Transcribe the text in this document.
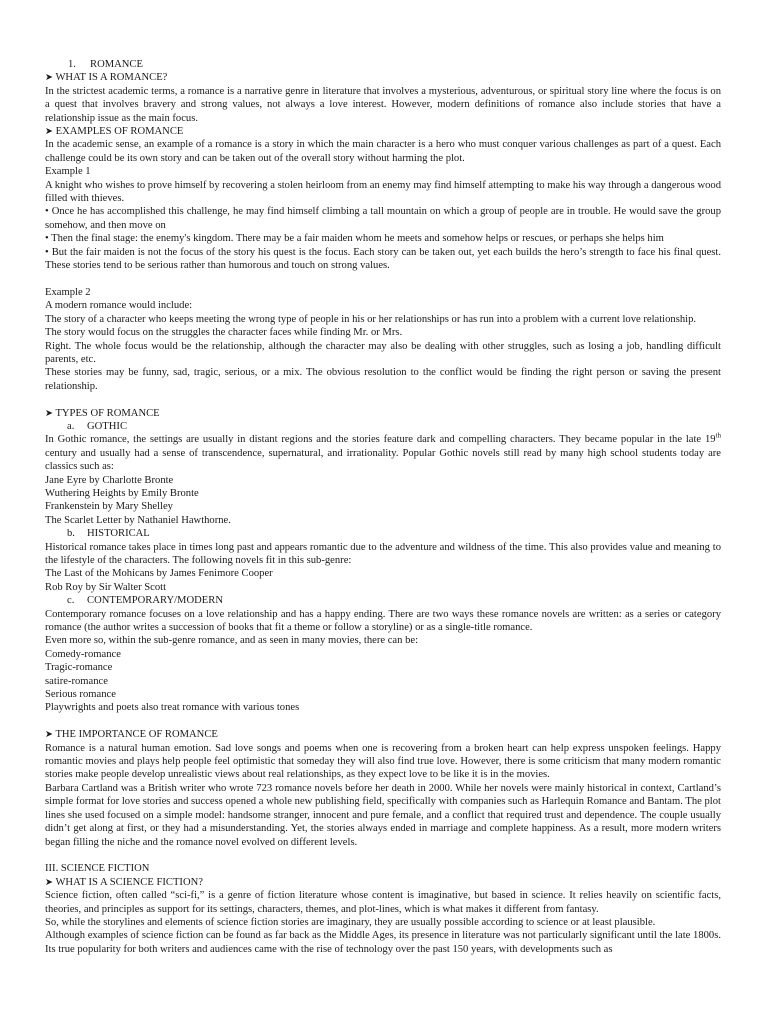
1. ROMANCE

➤ WHAT IS A ROMANCE?

In the strictest academic terms, a romance is a narrative genre in literature that involves a mysterious, adventurous, or spiritual story line where the focus is on a quest that involves bravery and strong values, not always a love interest. However, modern definitions of romance also include stories that have a relationship issue as the main focus.

➤ EXAMPLES OF ROMANCE

In the academic sense, an example of a romance is a story in which the main character is a hero who must conquer various challenges as part of a quest. Each challenge could be its own story and can be taken out of the overall story without harming the plot.

Example 1

A knight who wishes to prove himself by recovering a stolen heirloom from an enemy may find himself attempting to make his way through a dangerous wood filled with thieves.

• Once he has accomplished this challenge, he may find himself climbing a tall mountain on which a group of people are in trouble. He would save the group somehow, and then move on

• Then the final stage: the enemy's kingdom. There may be a fair maiden whom he meets and somehow helps or rescues, or perhaps she helps him

• But the fair maiden is not the focus of the story his quest is the focus. Each story can be taken out, yet each builds the hero’s strength to face his final quest. These stories tend to be serious rather than humorous and touch on strong values.

Example 2

A modern romance would include:

The story of a character who keeps meeting the wrong type of people in his or her relationships or has run into a problem with a current love relationship.

The story would focus on the struggles the character faces while finding Mr. or Mrs.

Right. The whole focus would be the relationship, although the character may also be dealing with other struggles, such as losing a job, handling difficult parents, etc.

These stories may be funny, sad, tragic, serious, or a mix. The obvious resolution to the conflict would be finding the right person or saving the present relationship.

➤ TYPES OF ROMANCE

a. GOTHIC

In Gothic romance, the settings are usually in distant regions and the stories feature dark and compelling characters. They became popular in the late 19th century and usually had a sense of transcendence, supernatural, and irrationality. Popular Gothic novels still read by many high school students today are classics such as:

Jane Eyre by Charlotte Bronte

Wuthering Heights by Emily Bronte

Frankenstein by Mary Shelley

The Scarlet Letter by Nathaniel Hawthorne.

b. HISTORICAL

Historical romance takes place in times long past and appears romantic due to the adventure and wildness of the time. This also provides value and meaning to the lifestyle of the characters. The following novels fit in this sub-genre:

The Last of the Mohicans by James Fenimore Cooper

Rob Roy by Sir Walter Scott

c. CONTEMPORARY/MODERN

Contemporary romance focuses on a love relationship and has a happy ending. There are two ways these romance novels are written: as a series or category romance (the author writes a succession of books that fit a theme or follow a storyline) or as a single-title romance.

Even more so, within the sub-genre romance, and as seen in many movies, there can be:

Comedy-romance

Tragic-romance

satire-romance

Serious romance

Playwrights and poets also treat romance with various tones

➤ THE IMPORTANCE OF ROMANCE

Romance is a natural human emotion. Sad love songs and poems when one is recovering from a broken heart can help express unspoken feelings. Happy romantic movies and plays help people feel optimistic that someday they will also find true love. However, there is some criticism that many modern romantic stories make people develop unrealistic views about real relationships, as they expect love to be like it is in the movies.

Barbara Cartland was a British writer who wrote 723 romance novels before her death in 2000. While her novels were mainly historical in context, Cartland’s simple format for love stories and success opened a whole new publishing field, specifically with companies such as Harlequin Romance and Bantam. The plot lines she used focused on a simple model: handsome stranger, innocent and pure female, and a conflict that required trust and dependence. The couple usually didn’t get along at first, or they had a misunderstanding. Yet, the stories always ended in marriage and complete happiness. As a result, more modern writers began filling the niche and the romance novel evolved on different levels.

III. SCIENCE FICTION

➤ WHAT IS A SCIENCE FICTION?

Science fiction, often called “sci-fi,” is a genre of fiction literature whose content is imaginative, but based in science. It relies heavily on scientific facts, theories, and principles as support for its settings, characters, themes, and plot-lines, which is what makes it different from fantasy.

So, while the storylines and elements of science fiction stories are imaginary, they are usually possible according to science or at least plausible.

Although examples of science fiction can be found as far back as the Middle Ages, its presence in literature was not particularly significant until the late 1800s. Its true popularity for both writers and audiences came with the rise of technology over the past 150 years, with developments such as
